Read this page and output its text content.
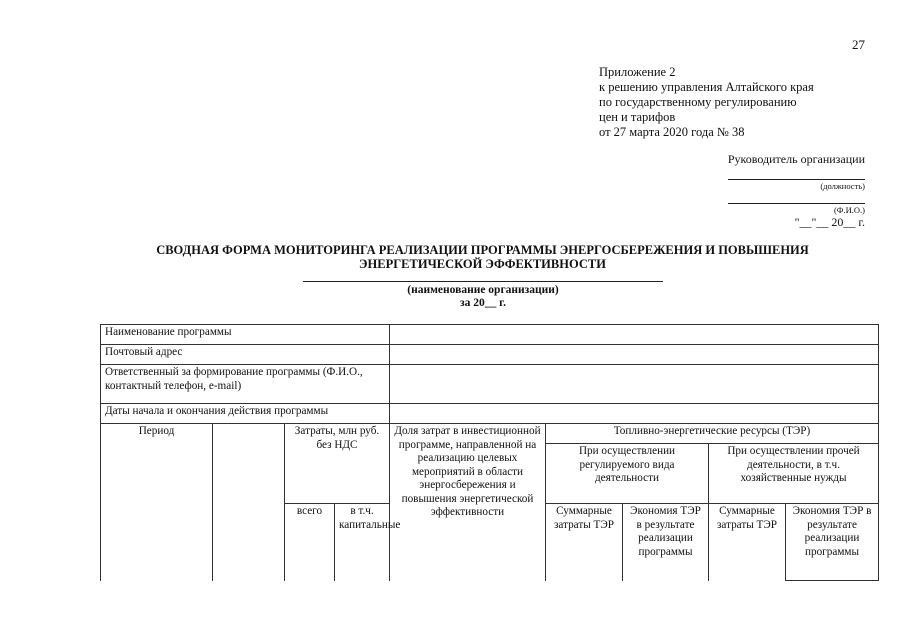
27
Приложение 2
к решению управления Алтайского края
по государственному регулированию
цен и тарифов
от 27 марта 2020 года № 38
Руководитель организации
(должность)
(Ф.И.О.)
"__"__ 20__ г.
СВОДНАЯ ФОРМА МОНИТОРИНГА РЕАЛИЗАЦИИ ПРОГРАММЫ ЭНЕРГОСБЕРЕЖЕНИЯ И ПОВЫШЕНИЯ ЭНЕРГЕТИЧЕСКОЙ ЭФФЕКТИВНОСТИ
(наименование организации)
за 20__ г.
Наименование программы								
Почтовый адрес								
Ответственный за формирование программы (Ф.И.О., контактный телефон, e-mail)								
Даты начала и окончания действия программы								
Период		Затраты, млн руб. без НДС		Доля затрат в инвестиционной программе, направленной на реализацию целевых мероприятий в области энергосбережения и повышения энергетической эффективности	Топливно-энергетические ресурсы (ТЭР)			
					При осуществлении регулируемого вида деятельности		При осуществлении прочей деятельности, в т.ч. хозяйственные нужды	
		всего	в т.ч. капитальные		Суммарные затраты ТЭР	Экономия ТЭР в результате реализации программы	Суммарные затраты ТЭР	Экономия ТЭР в результате реализации программы
